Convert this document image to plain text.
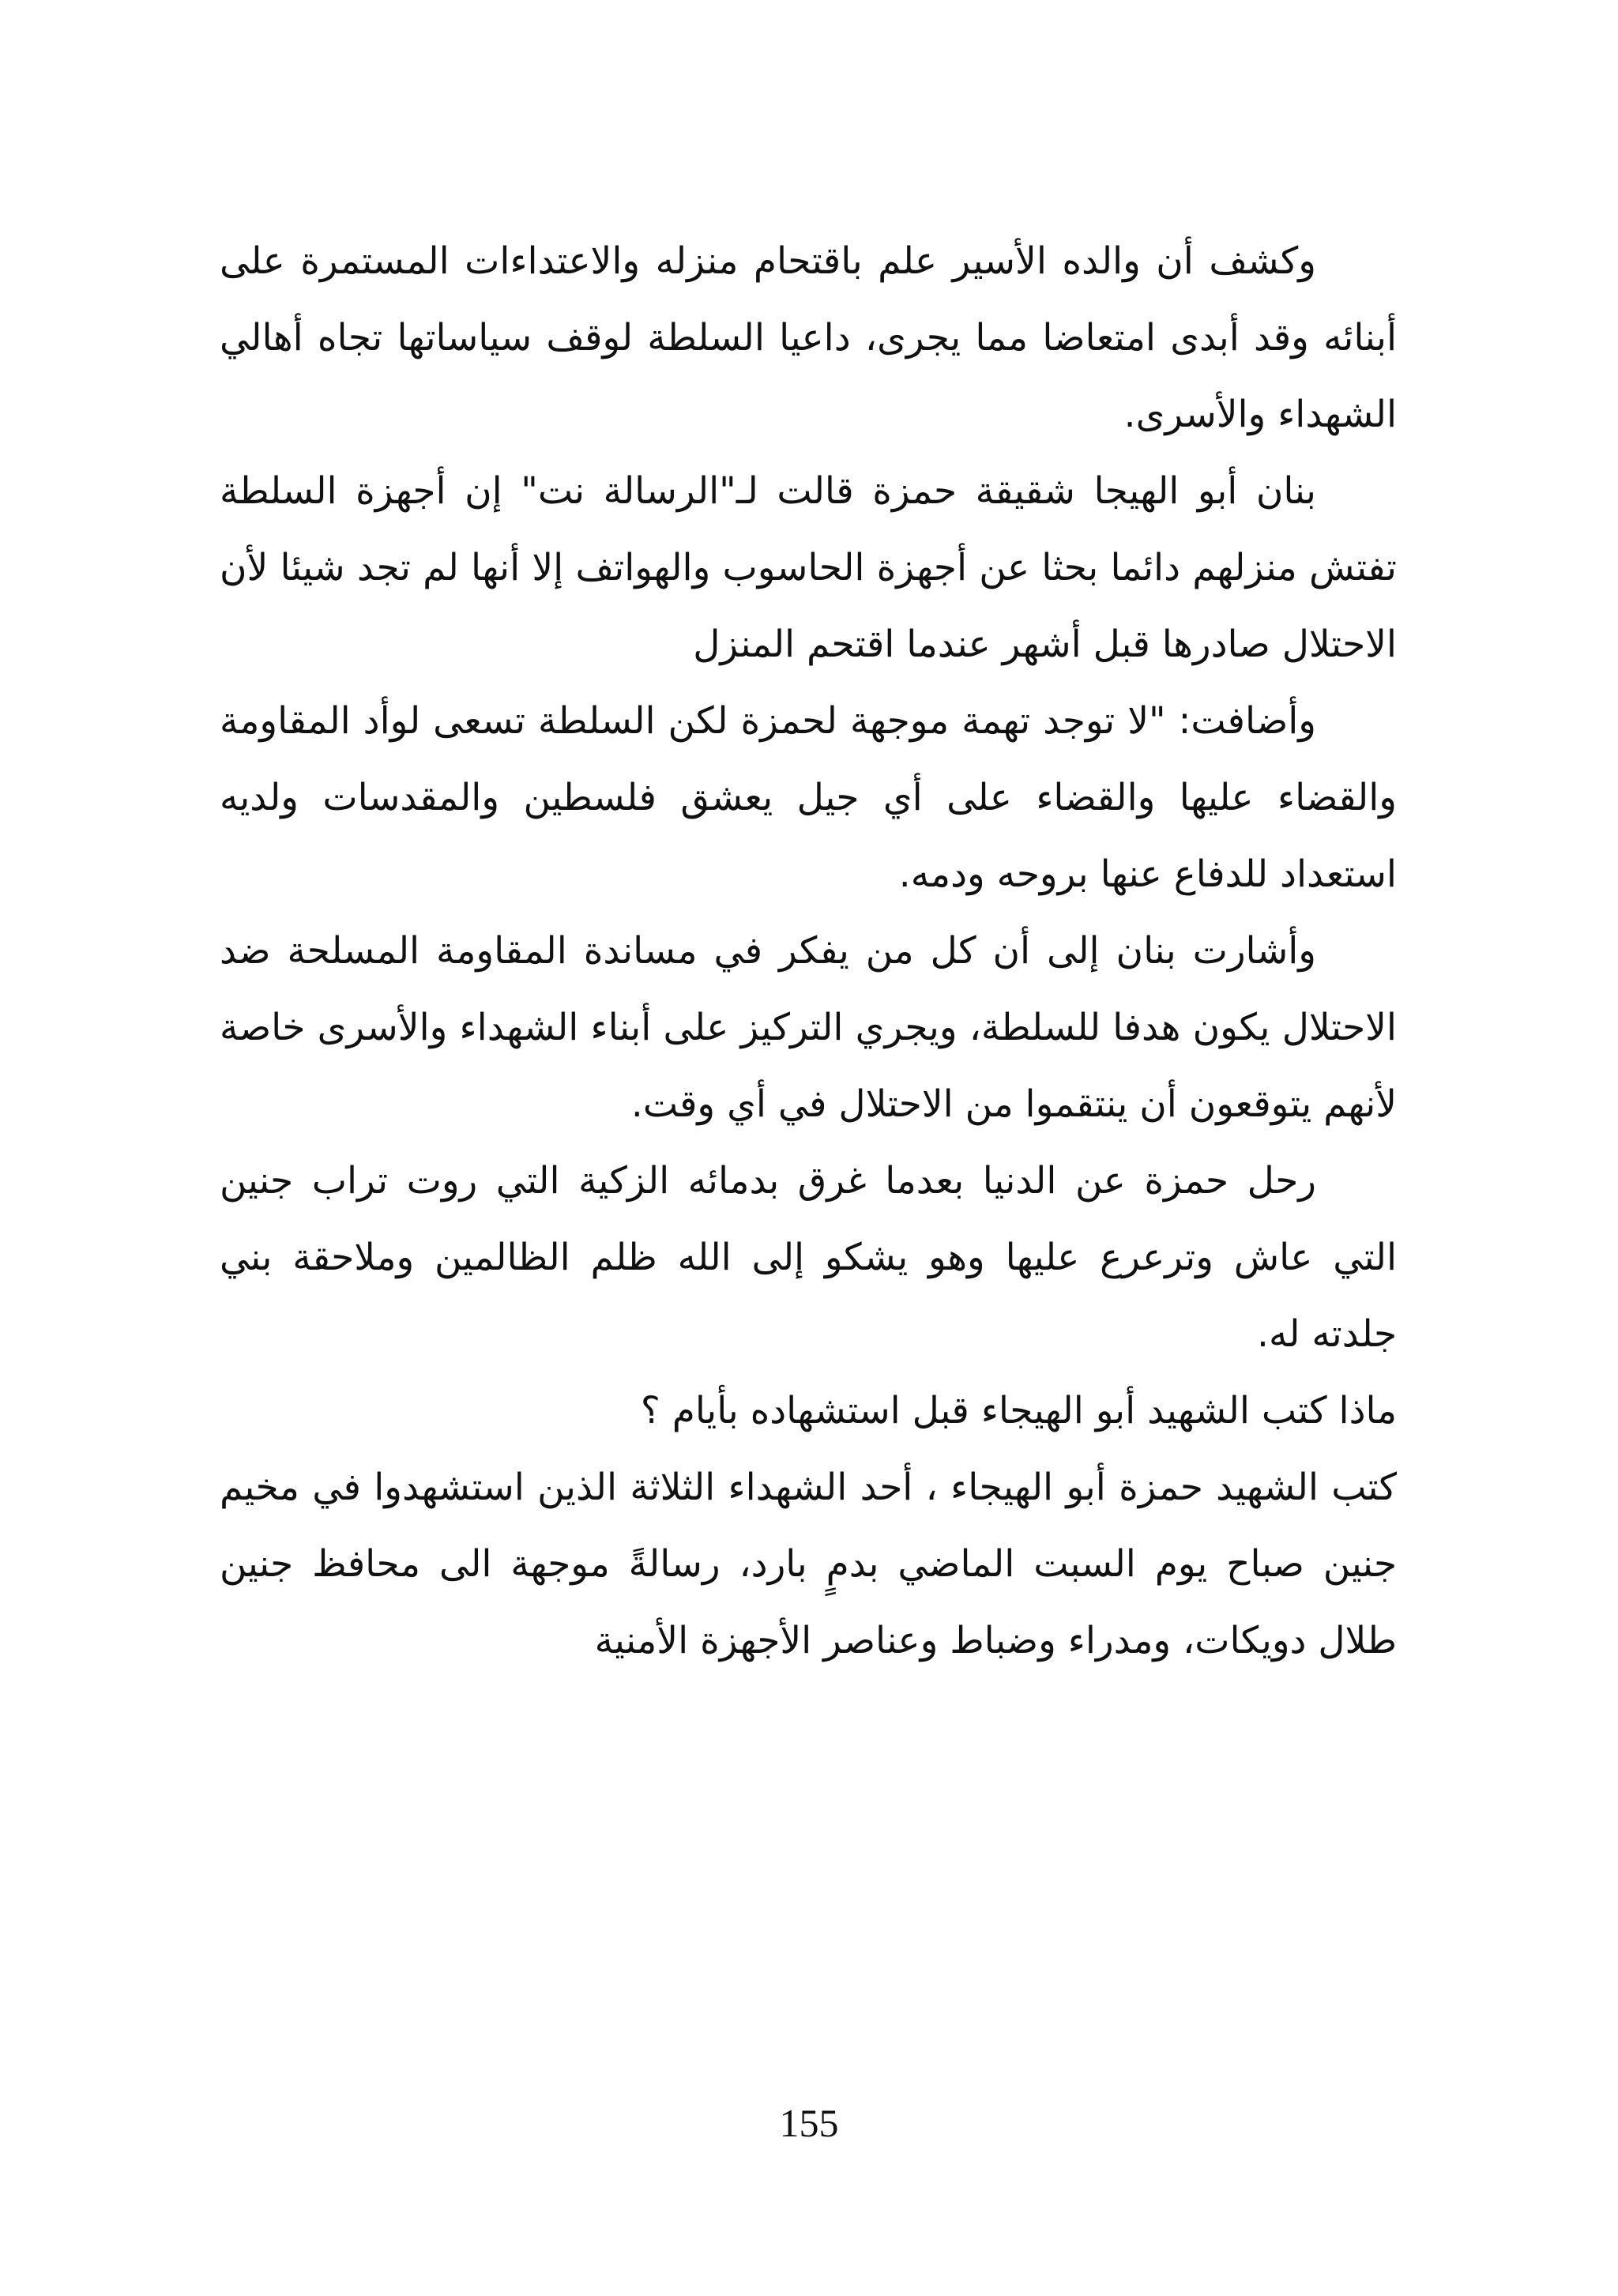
وكشف أن والده الأسير علم باقتحام منزله والاعتداءات المستمرة على أبنائه وقد أبدى امتعاضا مما يجرى، داعيا السلطة لوقف سياساتها تجاه أهالي الشهداء والأسرى.

بنان أبو الهيجا شقيقة حمزة قالت لـ"الرسالة نت" إن أجهزة السلطة تفتش منزلهم دائما بحثا عن أجهزة الحاسوب والهواتف إلا أنها لم تجد شيئا لأن الاحتلال صادرها قبل أشهر عندما اقتحم المنزل

وأضافت: "لا توجد تهمة موجهة لحمزة لكن السلطة تسعى لوأد المقاومة والقضاء عليها والقضاء على أي جيل يعشق فلسطين والمقدسات ولديه استعداد للدفاع عنها بروحه ودمه.

وأشارت بنان إلى أن كل من يفكر في مساندة المقاومة المسلحة ضد الاحتلال يكون هدفا للسلطة، ويجري التركيز على أبناء الشهداء والأسرى خاصة لأنهم يتوقعون أن ينتقموا من الاحتلال في أي وقت.

رحل حمزة عن الدنيا بعدما غرق بدمائه الزكية التي روت تراب جنين التي عاش وترعرع عليها وهو يشكو إلى الله ظلم الظالمين وملاحقة بني جلدته له.

ماذا كتب الشهيد أبو الهيجاء قبل استشهاده بأيام ؟

كتب الشهيد حمزة أبو الهيجاء ، أحد الشهداء الثلاثة الذين استشهدوا في مخيم جنين صباح يوم السبت الماضي بدمٍ بارد، رسالةً موجهة الى محافظ جنين طلال دويكات، ومدراء وضباط وعناصر الأجهزة الأمنية

155
